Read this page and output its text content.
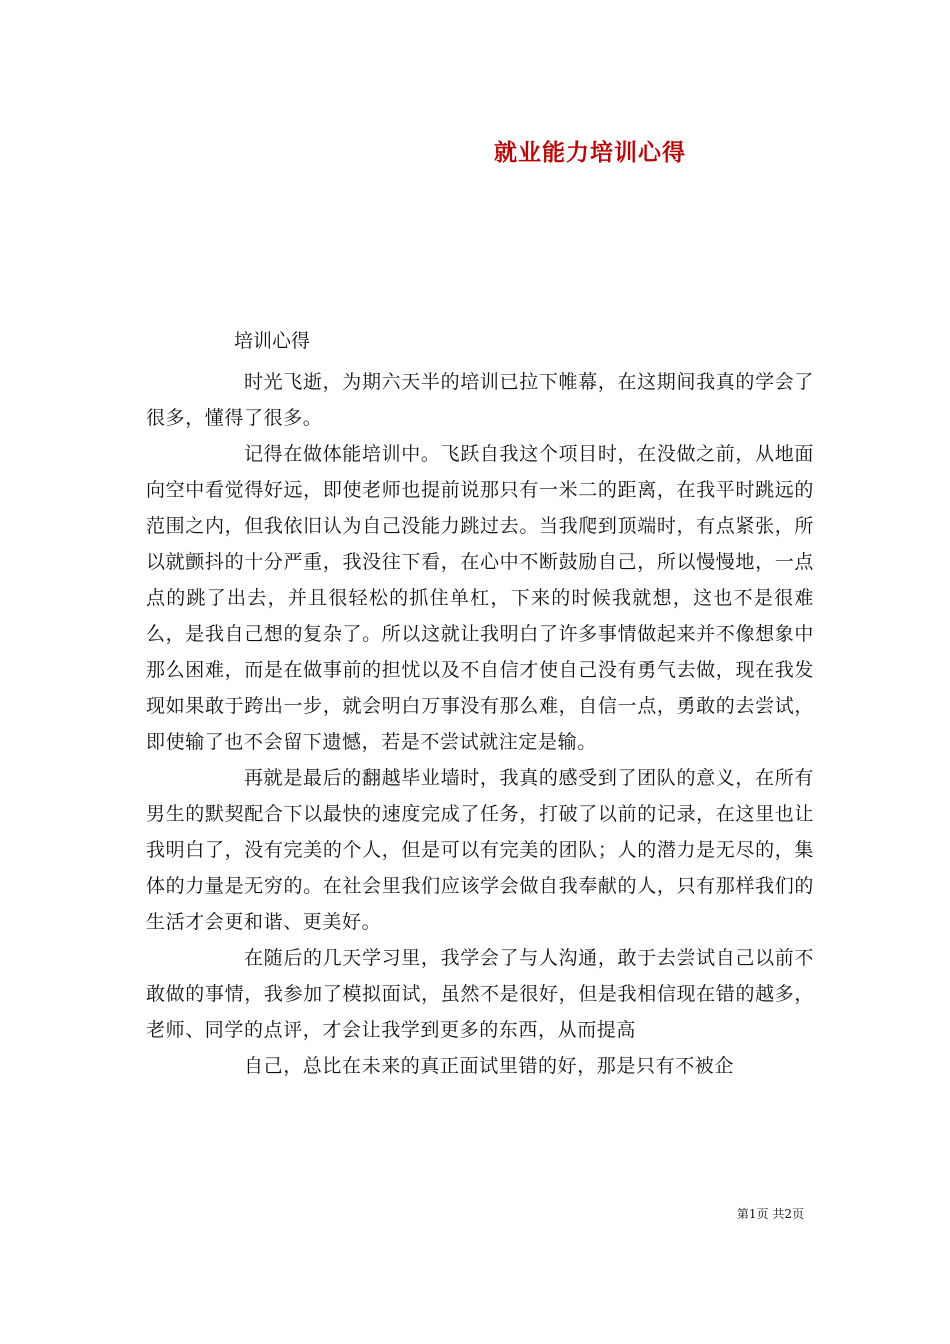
就业能力培训心得
培训心得

时光飞逝，为期六天半的培训已拉下帷幕，在这期间我真的学会了很多，懂得了很多。

记得在做体能培训中。飞跃自我这个项目时，在没做之前，从地面向空中看觉得好远，即使老师也提前说那只有一米二的距离，在我平时跳远的范围之内，但我依旧认为自己没能力跳过去。当我爬到顶端时，有点紧张，所以就颤抖的十分严重，我没往下看，在心中不断鼓励自己，所以慢慢地，一点点的跳了出去，并且很轻松的抓住单杠，下来的时候我就想，这也不是很难么，是我自己想的复杂了。所以这就让我明白了许多事情做起来并不像想象中那么困难，而是在做事前的担忧以及不自信才使自己没有勇气去做，现在我发现如果敢于跨出一步，就会明白万事没有那么难，自信一点，勇敢的去尝试，即使输了也不会留下遗憾，若是不尝试就注定是输。

再就是最后的翻越毕业墙时，我真的感受到了团队的意义，在所有男生的默契配合下以最快的速度完成了任务，打破了以前的记录，在这里也让我明白了，没有完美的个人，但是可以有完美的团队；人的潜力是无尽的，集体的力量是无穷的。在社会里我们应该学会做自我奉献的人，只有那样我们的生活才会更和谐、更美好。

在随后的几天学习里，我学会了与人沟通，敢于去尝试自己以前不敢做的事情，我参加了模拟面试，虽然不是很好，但是我相信现在错的越多，老师、同学的点评，才会让我学到更多的东西，从而提高

自己，总比在未来的真正面试里错的好，那是只有不被企

第1页 共2页
